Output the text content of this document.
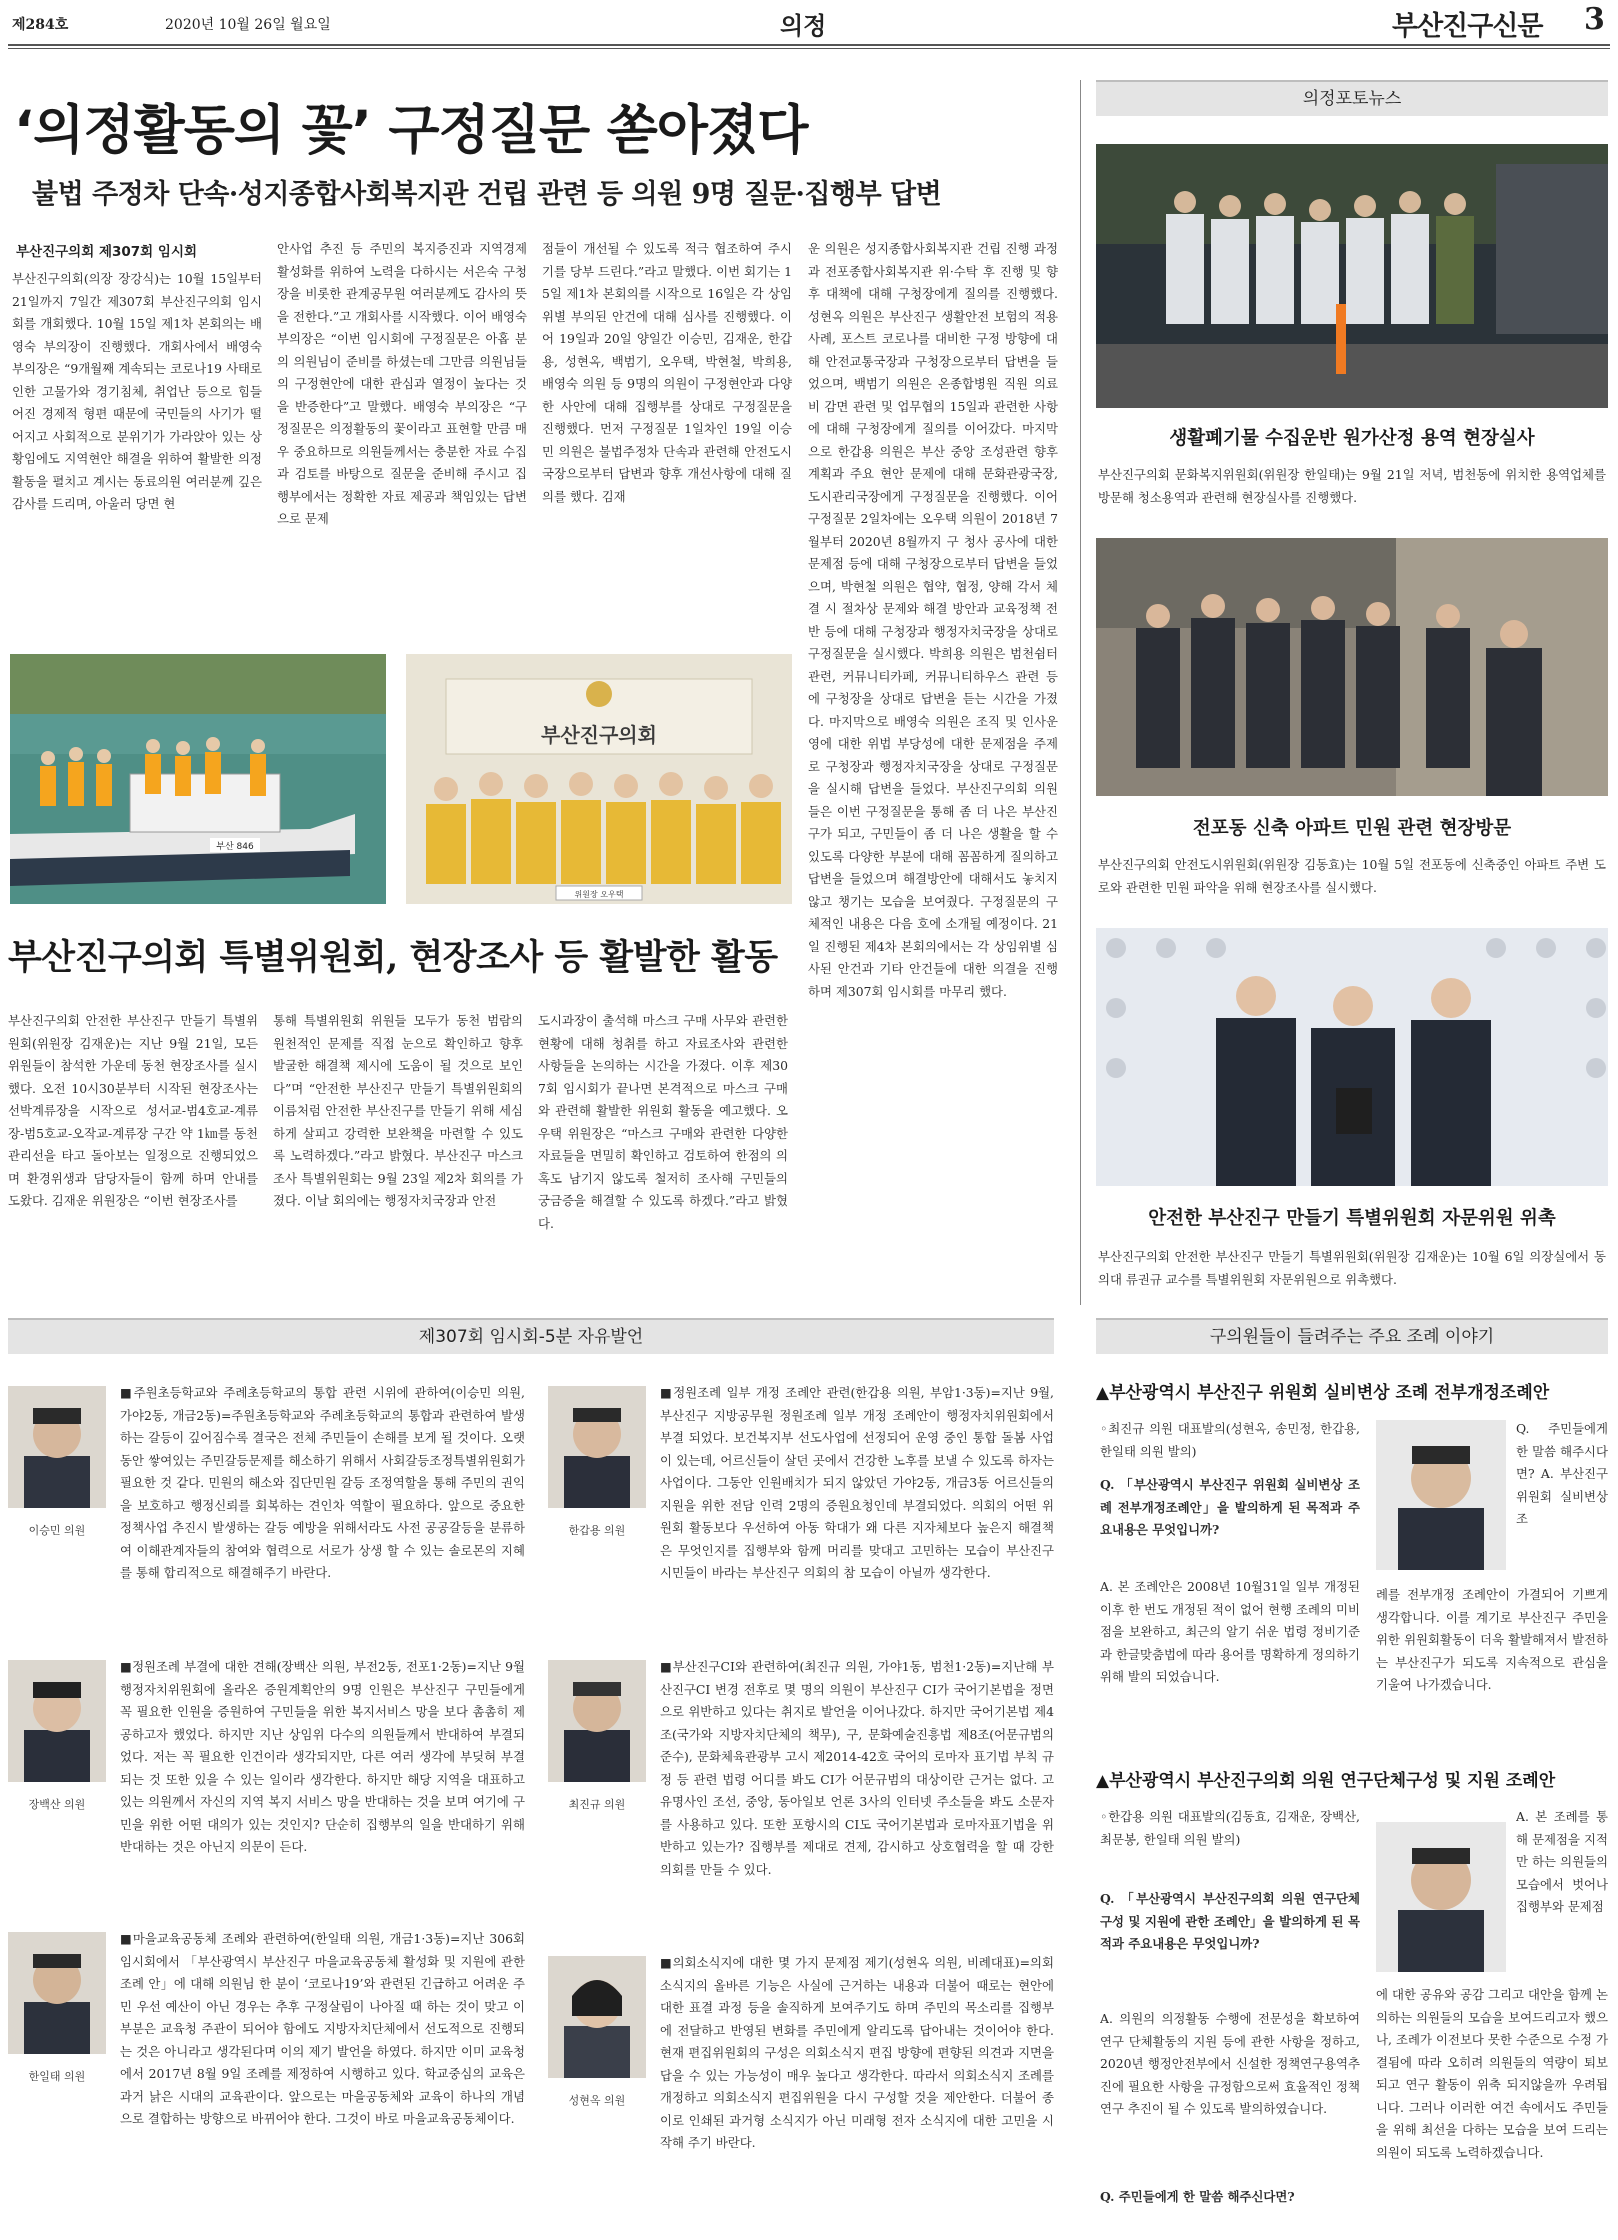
제284호	2020년 10월 26일 월요일	의정	부산진구신문 3
‘의정활동의 꽃’ 구정질문 쏟아졌다
불법 주정차 단속·성지종합사회복지관 건립 관련 등 의원 9명 질문·집행부 답변
부산진구의회 제307회 임시회
부산진구의회(의장 장강식)는 10월 15일부터 21일까지 7일간 제307회 부산진구의회 임시회를 개회했다. 10월 15일 제1차 본회의는 배영숙 부의장이 진행했다. 개회사에서 배영숙 부의장은 “9개월째 계속되는 코로나19 사태로 인한 고물가와 경기침체, 취업난 등으로 힘들어진 경제적 형편 때문에 국민들의 사기가 떨어지고 사회적으로 분위기가 가라앉아 있는 상황임에도 지역현안 해결을 위하여 활발한 의정활동을 펼치고 계시는 동료의원 여러분께 깊은 감사를 드리며, 아울러 당면 현
안사업 추진 등 주민의 복지증진과 지역경제 활성화를 위하여 노력을 다하시는 서은숙 구청장을 비롯한 관계공무원 여러분께도 감사의 뜻을 전한다.”고 개회사를 시작했다. 이어 배영숙 부의장은 “이번 임시회에 구정질문은 아홉 분의 의원님이 준비를 하셨는데 그만큼 의원님들의 구정현안에 대한 관심과 열정이 높다는 것을 반증한다”고 말했다. 배영숙 부의장은 “구정질문은 의정활동의 꽃이라고 표현할 만큼 매우 중요하므로 의원들께서는 충분한 자료 수집과 검토를 바탕으로 질문을 준비해 주시고 집행부에서는 정확한 자료 제공과 책임있는 답변으로 문제
점들이 개선될 수 있도록 적극 협조하여 주시기를 당부 드린다.”라고 말했다. 이번 회기는 15일 제1차 본회의를 시작으로 16일은 각 상임위별 부의된 안건에 대해 심사를 진행했다. 이어 19일과 20일 양일간 이승민, 김재운, 한갑용, 성현옥, 백범기, 오우택, 박현철, 박희용, 배영숙 의원 등 9명의 의원이 구정현안과 다양한 사안에 대해 집행부를 상대로 구정질문을 진행했다. 먼저 구정질문 1일차인 19일 이승민 의원은 불법주정차 단속과 관련해 안전도시국장으로부터 답변과 향후 개선사항에 대해 질의를 했다. 김재
운 의원은 성지종합사회복지관 건립 진행 과정과 전포종합사회복지관 위·수탁 후 진행 및 향후 대책에 대해 구청장에게 질의를 진행했다. 성현옥 의원은 부산진구 생활안전 보험의 적용사례, 포스트 코로나를 대비한 구정 방향에 대해 안전교통국장과 구청장으로부터 답변을 들었으며, 백범기 의원은 온종합병원 직원 의료비 감면 관련 및 업무협의 15일과 관련한 사항에 대해 구청장에게 질의를 이어갔다. 마지막으로 한갑용 의원은 부산 중앙 조성관련 향후계획과 주요 현안 문제에 대해 문화관광국장, 도시관리국장에게 구정질문을 진행했다. 이어 구정질문 2일차에는 오우택 의원이 2018년 7월부터 2020년 8월까지 구 청사 공사에 대한 문제점 등에 대해 구청장으로부터 답변을 들었으며, 박현철 의원은 협약, 협정, 양해 각서 체결 시 절차상 문제와 해결 방안과 교육정책 전반 등에 대해 구청장과 행정자치국장을 상대로 구정질문을 실시했다. 박희용 의원은 범천쉼터 관련, 커뮤니티카페, 커뮤니티하우스 관련 등에 구청장을 상대로 답변을 듣는 시간을 가졌다. 마지막으로 배영숙 의원은 조직 및 인사운영에 대한 위법 부당성에 대한 문제점을 주제로 구청장과 행정자치국장을 상대로 구정질문을 실시해 답변을 들었다. 부산진구의회 의원들은 이번 구정질문을 통해 좀 더 나은 부산진구가 되고, 구민들이 좀 더 나은 생활을 할 수 있도록 다양한 부분에 대해 꼼꼼하게 질의하고 답변을 들었으며 해결방안에 대해서도 놓치지 않고 챙기는 모습을 보여줬다. 구정질문의 구체적인 내용은 다음 호에 소개될 예정이다. 21일 진행된 제4차 본회의에서는 각 상임위별 심사된 안건과 기타 안건들에 대한 의결을 진행하며 제307회 임시회를 마무리 했다.
부산 846
부산진구의회
위원장 오우택
부산진구의회 특별위원회, 현장조사 등 활발한 활동
부산진구의회 안전한 부산진구 만들기 특별위원회(위원장 김재운)는 지난 9월 21일, 모든 위원들이 참석한 가운데 동천 현장조사를 실시했다. 오전 10시30분부터 시작된 현장조사는 선박계류장을 시작으로 성서교-범4호교-계류장-범5호교-오작교-계류장 구간 약 1㎞를 동천 관리선을 타고 돌아보는 일정으로 진행되었으며 환경위생과 담당자들이 함께 하며 안내를 도왔다. 김재운 위원장은 “이번 현장조사를
통해 특별위원회 위원들 모두가 동천 범람의 원천적인 문제를 직접 눈으로 확인하고 향후 발굴한 해결책 제시에 도움이 될 것으로 보인다”며 “안전한 부산진구 만들기 특별위원회의 이름처럼 안전한 부산진구를 만들기 위해 세심하게 살피고 강력한 보완책을 마련할 수 있도록 노력하겠다.”라고 밝혔다. 부산진구 마스크 조사 특별위원회는 9월 23일 제2차 회의를 가졌다. 이날 회의에는 행정자치국장과 안전
도시과장이 출석해 마스크 구매 사무와 관련한 현황에 대해 청취를 하고 자료조사와 관련한 사항들을 논의하는 시간을 가졌다. 이후 제307회 임시회가 끝나면 본격적으로 마스크 구매와 관련해 활발한 위원회 활동을 예고했다. 오우택 위원장은 “마스크 구매와 관련한 다양한 자료들을 면밀히 확인하고 검토하여 한점의 의혹도 남기지 않도록 철저히 조사해 구민들의 궁금증을 해결할 수 있도록 하겠다.”라고 밝혔다.
의정포토뉴스
생활폐기물 수집운반 원가산정 용역 현장실사
부산진구의회 문화복지위원회(위원장 한일태)는 9월 21일 저녁, 범천동에 위치한 용역업체를 방문해 청소용역과 관련해 현장실사를 진행했다.
전포동 신축 아파트 민원 관련 현장방문
부산진구의회 안전도시위원회(위원장 김동효)는 10월 5일 전포동에 신축중인 아파트 주변 도로와 관련한 민원 파악을 위해 현장조사를 실시했다.
안전한 부산진구 만들기 특별위원회 자문위원 위촉
부산진구의회 안전한 부산진구 만들기 특별위원회(위원장 김재운)는 10월 6일 의장실에서 동의대 류권규 교수를 특별위원회 자문위원으로 위촉했다.
제307회 임시회-5분 자유발언
이승민 의원
■주원초등학교와 주례초등학교의 통합 관련 시위에 관하여(이승민 의원, 가야2동, 개금2동)=주원초등학교와 주례초등학교의 통합과 관련하여 발생하는 갈등이 깊어짐수록 결국은 전체 주민들이 손해를 보게 될 것이다. 오랫동안 쌓여있는 주민갈등문제를 해소하기 위해서 사회갈등조정특별위원회가 필요한 것 같다. 민원의 해소와 집단민원 갈등 조정역할을 통해 주민의 권익을 보호하고 행정신뢰를 회복하는 견인차 역할이 필요하다. 앞으로 중요한 정책사업 추진시 발생하는 갈등 예방을 위해서라도 사전 공공갈등을 분류하여 이해관계자들의 참여와 협력으로 서로가 상생 할 수 있는 솔로몬의 지혜를 통해 합리적으로 해결해주기 바란다.
한갑용 의원
■정원조례 일부 개정 조례안 관련(한갑용 의원, 부암1·3동)=지난 9월, 부산진구 지방공무원 정원조례 일부 개정 조례안이 행정자치위원회에서 부결 되었다. 보건복지부 선도사업에 선정되어 운영 중인 통합 돌봄 사업이 있는데, 어르신들이 살던 곳에서 건강한 노후를 보낼 수 있도록 하자는 사업이다. 그동안 인원배치가 되지 않았던 가야2동, 개금3동 어르신들의 지원을 위한 전담 인력 2명의 증원요청인데 부결되었다. 의회의 어떤 위원회 활동보다 우선하여 아동 학대가 왜 다른 지자체보다 높은지 해결책은 무엇인지를 집행부와 함께 머리를 맞대고 고민하는 모습이 부산진구 시민들이 바라는 부산진구 의회의 참 모습이 아닐까 생각한다.
장백산 의원
■정원조례 부결에 대한 견해(장백산 의원, 부전2동, 전포1·2동)=지난 9월 행정자치위원회에 올라온 증원계획안의 9명 인원은 부산진구 구민들에게 꼭 필요한 인원을 증원하여 구민들을 위한 복지서비스 망을 보다 촘촘히 제공하고자 했었다. 하지만 지난 상임위 다수의 의원들께서 반대하여 부결되었다. 저는 꼭 필요한 인건이라 생각되지만, 다른 여러 생각에 부딪혀 부결되는 것 또한 있을 수 있는 일이라 생각한다. 하지만 해당 지역을 대표하고 있는 의원께서 자신의 지역 복지 서비스 망을 반대하는 것을 보며 여기에 구민을 위한 어떤 대의가 있는 것인지? 단순히 집행부의 일을 반대하기 위해 반대하는 것은 아닌지 의문이 든다.
최진규 의원
■부산진구CI와 관련하여(최진규 의원, 가야1동, 범천1·2동)=지난해 부산진구CI 변경 전후로 몇 명의 의원이 부산진구 CI가 국어기본법을 정면으로 위반하고 있다는 취지로 발언을 이어나갔다. 하지만 국어기본법 제4조(국가와 지방자치단체의 책무), 구, 문화예술진흥법 제8조(어문규범의 준수), 문화체육관광부 고시 제2014-42호 국어의 로마자 표기법 부칙 규정 등 관련 법령 어디를 봐도 CI가 어문규범의 대상이란 근거는 없다. 고유명사인 조선, 중앙, 동아일보 언론 3사의 인터넷 주소들을 봐도 소문자를 사용하고 있다. 또한 포항시의 CI도 국어기본법과 로마자표기법을 위반하고 있는가? 집행부를 제대로 견제, 감시하고 상호협력을 할 때 강한 의회를 만들 수 있다.
한일태 의원
■마을교육공동체 조례와 관련하여(한일태 의원, 개금1·3동)=지난 306회 임시회에서 「부산광역시 부산진구 마을교육공동체 활성화 및 지원에 관한 조례 안」에 대해 의원님 한 분이 ‘코로나19’와 관련된 긴급하고 어려운 주민 우선 예산이 아닌 경우는 추후 구정살림이 나아질 때 하는 것이 맞고 이 부분은 교육청 주관이 되어야 함에도 지방자치단체에서 선도적으로 진행되는 것은 아니라고 생각된다며 이의 제기 발언을 하였다. 하지만 이미 교육청에서 2017년 8월 9일 조례를 제정하여 시행하고 있다. 학교중심의 교육은 과거 낡은 시대의 교육관이다. 앞으로는 마을공동체와 교육이 하나의 개념으로 결합하는 방향으로 바뀌어야 한다. 그것이 바로 마을교육공동체이다.
성현옥 의원
■의회소식지에 대한 몇 가지 문제점 제기(성현옥 의원, 비례대표)=의회 소식지의 올바른 기능은 사실에 근거하는 내용과 더불어 때로는 현안에 대한 표결 과정 등을 솔직하게 보여주기도 하며 주민의 목소리를 집행부에 전달하고 반영된 변화를 주민에게 알리도록 답아내는 것이어야 한다. 현재 편집위원회의 구성은 의회소식지 편집 방향에 편향된 의견과 지면을 답을 수 있는 가능성이 매우 높다고 생각한다. 따라서 의회소식지 조례를 개정하고 의회소식지 편집위원을 다시 구성할 것을 제안한다. 더불어 종이로 인쇄된 과거형 소식지가 아닌 미래형 전자 소식지에 대한 고민을 시작해 주기 바란다.
구의원들이 들려주는 주요 조례 이야기
▲부산광역시 부산진구 위원회 실비변상 조례 전부개정조례안
◦최진규 의원 대표발의(성현옥, 송민정, 한갑용, 한일태 의원 발의)
Q. 주민들에게 한 말씀 해주시다면? A. 부산진구 위원회 실비변상 조
Q. 「부산광역시 부산진구 위원회 실비변상 조례 전부개정조례안」을 발의하게 된 목적과 주요내용은 무엇입니까?
A. 본 조례안은 2008년 10월31일 일부 개정된 이후 한 번도 개정된 적이 없어 현행 조례의 미비점을 보완하고, 최근의 알기 쉬운 법령 정비기준과 한글맞춤법에 따라 용어를 명확하게 정의하기 위해 발의 되었습니다.
례를 전부개정 조례안이 가결되어 기쁘게 생각합니다. 이를 계기로 부산진구 주민을 위한 위원회활동이 더욱 활발해져서 발전하는 부산진구가 되도록 지속적으로 관심을 기울여 나가겠습니다.
▲부산광역시 부산진구의회 의원 연구단체구성 및 지원 조례안
◦한갑용 의원 대표발의(김동효, 김재운, 장백산, 최문봉, 한일태 의원 발의)
A. 본 조례를 통해 문제점을 지적만 하는 의원들의 모습에서 벗어나 집행부와 문제점
Q. 「부산광역시 부산진구의회 의원 연구단체 구성 및 지원에 관한 조례안」을 발의하게 된 목적과 주요내용은 무엇입니까?
A. 의원의 의정활동 수행에 전문성을 확보하여 연구 단체활동의 지원 등에 관한 사항을 정하고, 2020년 행정안전부에서 신설한 정책연구용역추진에 필요한 사항을 규정함으로써 효율적인 정책연구 추진이 될 수 있도록 발의하였습니다.
Q. 주민들에게 한 말씀 해주신다면?
에 대한 공유와 공감 그리고 대안을 함께 논의하는 의원들의 모습을 보여드리고자 했으나, 조례가 이전보다 못한 수준으로 수정 가결됨에 따라 오히려 의원들의 역량이 퇴보되고 연구 활동이 위축 되지않을까 우려됩니다. 그러나 이러한 여건 속에서도 주민들을 위해 최선을 다하는 모습을 보여 드리는 의원이 되도록 노력하겠습니다.
